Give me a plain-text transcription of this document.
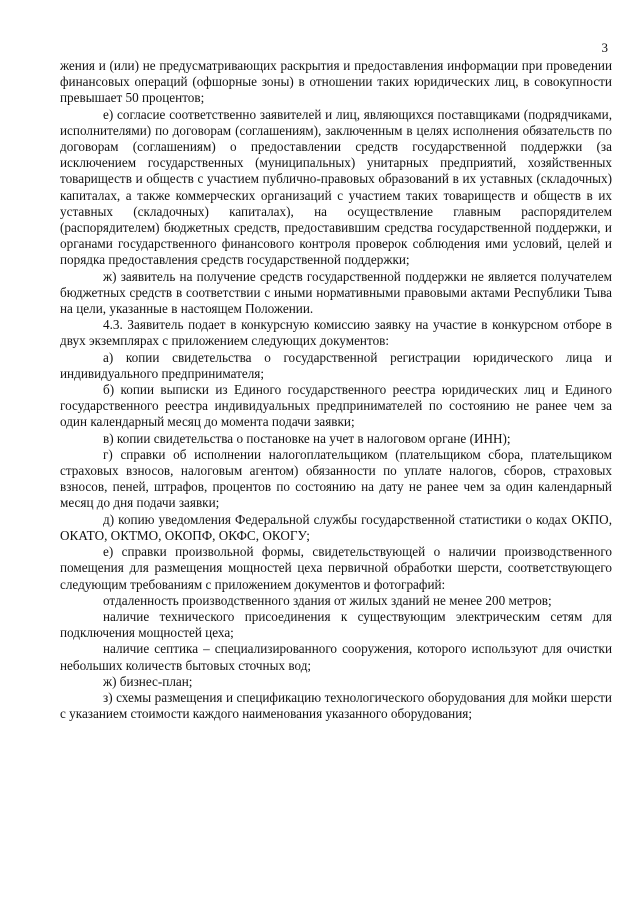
3

жения и (или) не предусматривающих раскрытия и предоставления информации при проведении финансовых операций (офшорные зоны) в отношении таких юридических лиц, в совокупности превышает 50 процентов;

е) согласие соответственно заявителей и лиц, являющихся поставщиками (подрядчиками, исполнителями) по договорам (соглашениям), заключенным в целях исполнения обязательств по договорам (соглашениям) о предоставлении средств государственной поддержки (за исключением государственных (муниципальных) унитарных предприятий, хозяйственных товариществ и обществ с участием публично-правовых образований в их уставных (складочных) капиталах, а также коммерческих организаций с участием таких товариществ и обществ в их уставных (складочных) капиталах), на осуществление главным распорядителем (распорядителем) бюджетных средств, предоставившим средства государственной поддержки, и органами государственного финансового контроля проверок соблюдения ими условий, целей и порядка предоставления средств государственной поддержки;

ж) заявитель на получение средств государственной поддержки не является получателем бюджетных средств в соответствии с иными нормативными правовыми актами Республики Тыва на цели, указанные в настоящем Положении.

4.3. Заявитель подает в конкурсную комиссию заявку на участие в конкурсном отборе в двух экземплярах с приложением следующих документов:

а) копии свидетельства о государственной регистрации юридического лица и индивидуального предпринимателя;

б) копии выписки из Единого государственного реестра юридических лиц и Единого государственного реестра индивидуальных предпринимателей по состоянию не ранее чем за один календарный месяц до момента подачи заявки;

в) копии свидетельства о постановке на учет в налоговом органе (ИНН);

г) справки об исполнении налогоплательщиком (плательщиком сбора, плательщиком страховых взносов, налоговым агентом) обязанности по уплате налогов, сборов, страховых взносов, пеней, штрафов, процентов по состоянию на дату не ранее чем за один календарный месяц до дня подачи заявки;

д) копию уведомления Федеральной службы государственной статистики о кодах ОКПО, ОКАТО, ОКТМО, ОКОПФ, ОКФС, ОКОГУ;

е) справки произвольной формы, свидетельствующей о наличии производственного помещения для размещения мощностей цеха первичной обработки шерсти, соответствующего следующим требованиям с приложением документов и фотографий:

отдаленность производственного здания от жилых зданий не менее 200 метров;

наличие технического присоединения к существующим электрическим сетям для подключения мощностей цеха;

наличие септика – специализированного сооружения, которого используют для очистки небольших количеств бытовых сточных вод;

ж) бизнес-план;

з) схемы размещения и спецификацию технологического оборудования для мойки шерсти с указанием стоимости каждого наименования указанного оборудования;
